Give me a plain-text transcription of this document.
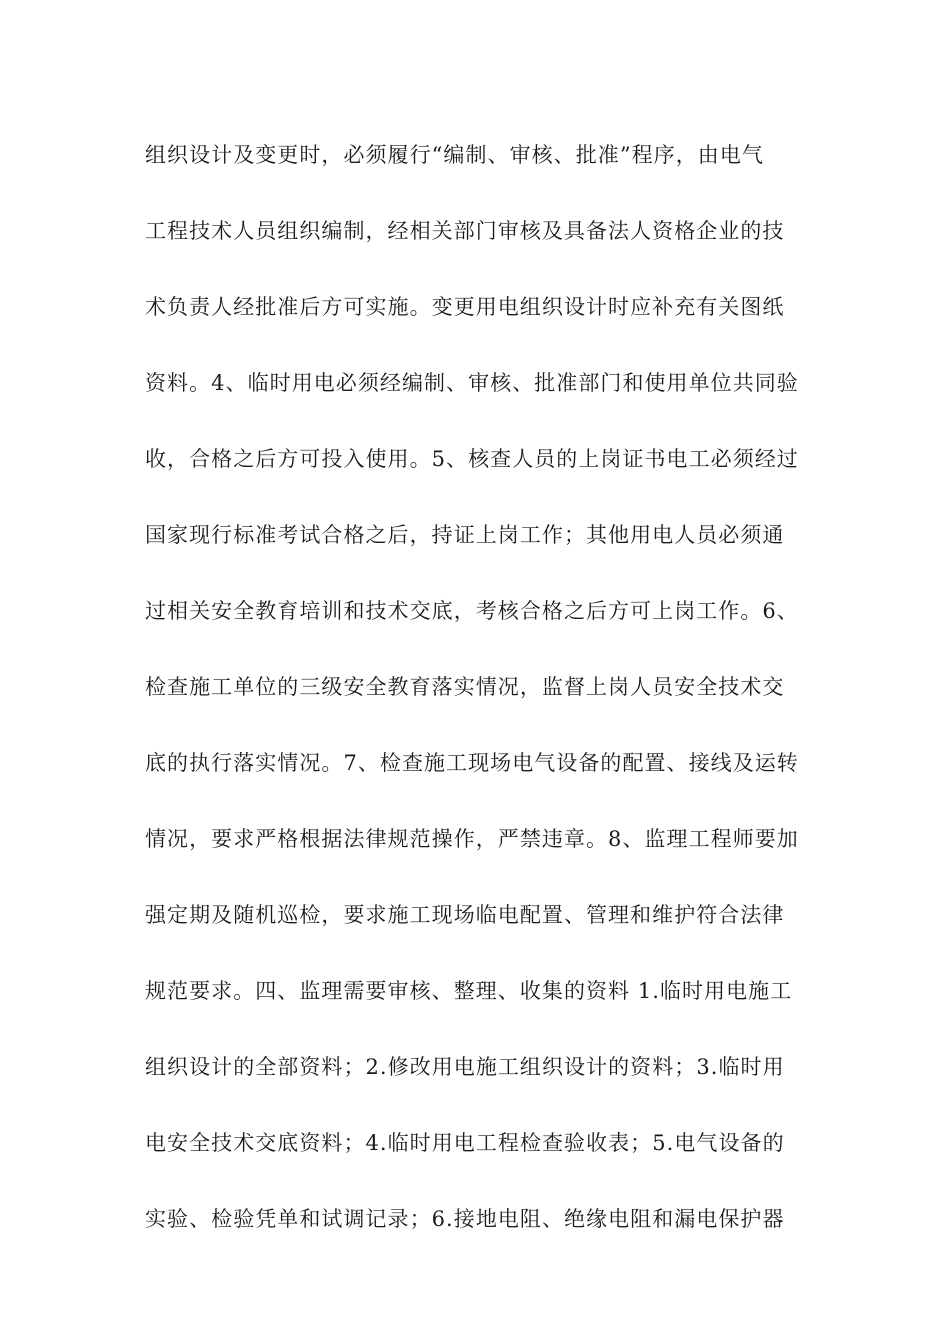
组织设计及变更时，必须履行“编制、审核、批准”程序，由电气
工程技术人员组织编制，经相关部门审核及具备法人资格企业的技
术负责人经批准后方可实施。变更用电组织设计时应补充有关图纸
资料。4、临时用电必须经编制、审核、批准部门和使用单位共同验
收，合格之后方可投入使用。5、核查人员的上岗证书电工必须经过
国家现行标准考试合格之后，持证上岗工作；其他用电人员必须通
过相关安全教育培训和技术交底，考核合格之后方可上岗工作。6、
检查施工单位的三级安全教育落实情况，监督上岗人员安全技术交
底的执行落实情况。7、检查施工现场电气设备的配置、接线及运转
情况，要求严格根据法律规范操作，严禁违章。8、监理工程师要加
强定期及随机巡检，要求施工现场临电配置、管理和维护符合法律
规范要求。四、监理需要审核、整理、收集的资料 1.临时用电施工
组织设计的全部资料；2.修改用电施工组织设计的资料；3.临时用
电安全技术交底资料；4.临时用电工程检查验收表；5.电气设备的
实验、检验凭单和试调记录；6.接地电阻、绝缘电阻和漏电保护器
